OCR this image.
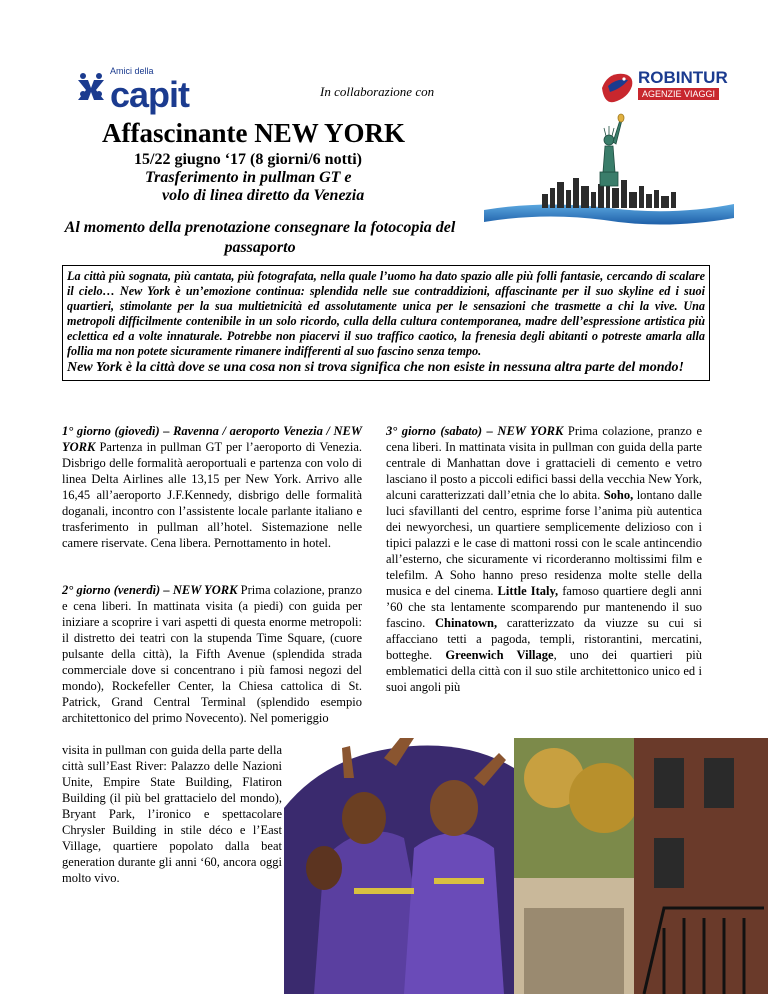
Amici della
capit	In collaborazione con
ROBINTUR
AGENZIE VIAGGI
Affascinante NEW YORK
15/22 giugno ‘17 (8 giorni/6 notti)
Trasferimento in pullman GT e
volo di linea diretto da Venezia
Al momento della prenotazione consegnare la fotocopia del passaporto
La città più sognata, più cantata, più fotografata, nella quale l’uomo ha dato spazio alle più folli fantasie, cercando di scalare il cielo… New York è un’emozione continua: splendida nelle sue contraddizioni, affascinante per il suo skyline ed i suoi quartieri, stimolante per la sua multietnicità ed assolutamente unica per le sensazioni che trasmette a chi la vive. Una metropoli difficilmente contenibile in un solo ricordo, culla della cultura contemporanea, madre dell’espressione artistica più eclettica ed a volte innaturale. Potrebbe non piacervi il suo traffico caotico, la frenesia degli abitanti o potreste amarla alla follia ma non potete sicuramente rimanere indifferenti al suo fascino senza tempo.
New York è la città dove se una cosa non si trova significa che non esiste in nessuna altra parte del mondo!
1° giorno (giovedì) – Ravenna / aeroporto Venezia / NEW YORK Partenza in pullman GT per l’aeroporto di Venezia. Disbrigo delle formalità aeroportuali e partenza con volo di linea Delta Airlines alle 13,15 per New York. Arrivo alle 16,45 all’aeroporto J.F.Kennedy, disbrigo delle formalità doganali, incontro con l’assistente locale parlante italiano e trasferimento in pullman all’hotel. Sistemazione nelle camere riservate. Cena libera. Pernottamento in hotel.
2° giorno (venerdì) – NEW YORK Prima colazione, pranzo e cena liberi. In mattinata visita (a piedi) con guida per iniziare a scoprire i vari aspetti di questa enorme metropoli: il distretto dei teatri con la stupenda Time Square, (cuore pulsante della città), la Fifth Avenue (splendida strada commerciale dove si concentrano i più famosi negozi del mondo), Rockefeller Center, la Chiesa cattolica di St. Patrick, Grand Central Terminal (splendido esempio architettonico del primo Novecento). Nel pomeriggio
visita in pullman con guida della parte della città sull’East River: Palazzo delle Nazioni Unite, Empire State Building, Flatiron Building (il più bel grattacielo del mondo), Bryant Park, l’ironico e spettacolare Chrysler Building in stile déco e l’East Village, quartiere popolato dalla beat generation durante gli anni ‘60, ancora oggi molto vivo.
3° giorno (sabato) – NEW YORK Prima colazione, pranzo e cena liberi. In mattinata visita in pullman con guida della parte centrale di Manhattan dove i grattacieli di cemento e vetro lasciano il posto a piccoli edifici bassi della vecchia New York, alcuni caratterizzati dall’etnia che lo abita. Soho, lontano dalle luci sfavillanti del centro, esprime forse l’anima più autentica dei newyorchesi, un quartiere semplicemente delizioso con i tipici palazzi e le case di mattoni rossi con le scale antincendio all’esterno, che sicuramente vi ricorderanno moltissimi film e telefilm. A Soho hanno preso residenza molte stelle della musica e del cinema. Little Italy, famoso quartiere degli anni ’60 che sta lentamente scomparendo pur mantenendo il suo fascino. Chinatown, caratterizzato da viuzze su cui si affacciano tetti a pagoda, templi, ristorantini, mercatini, botteghe. Greenwich Village, uno dei quartieri più emblematici della città con il suo stile architettonico unico ed i suoi angoli più
